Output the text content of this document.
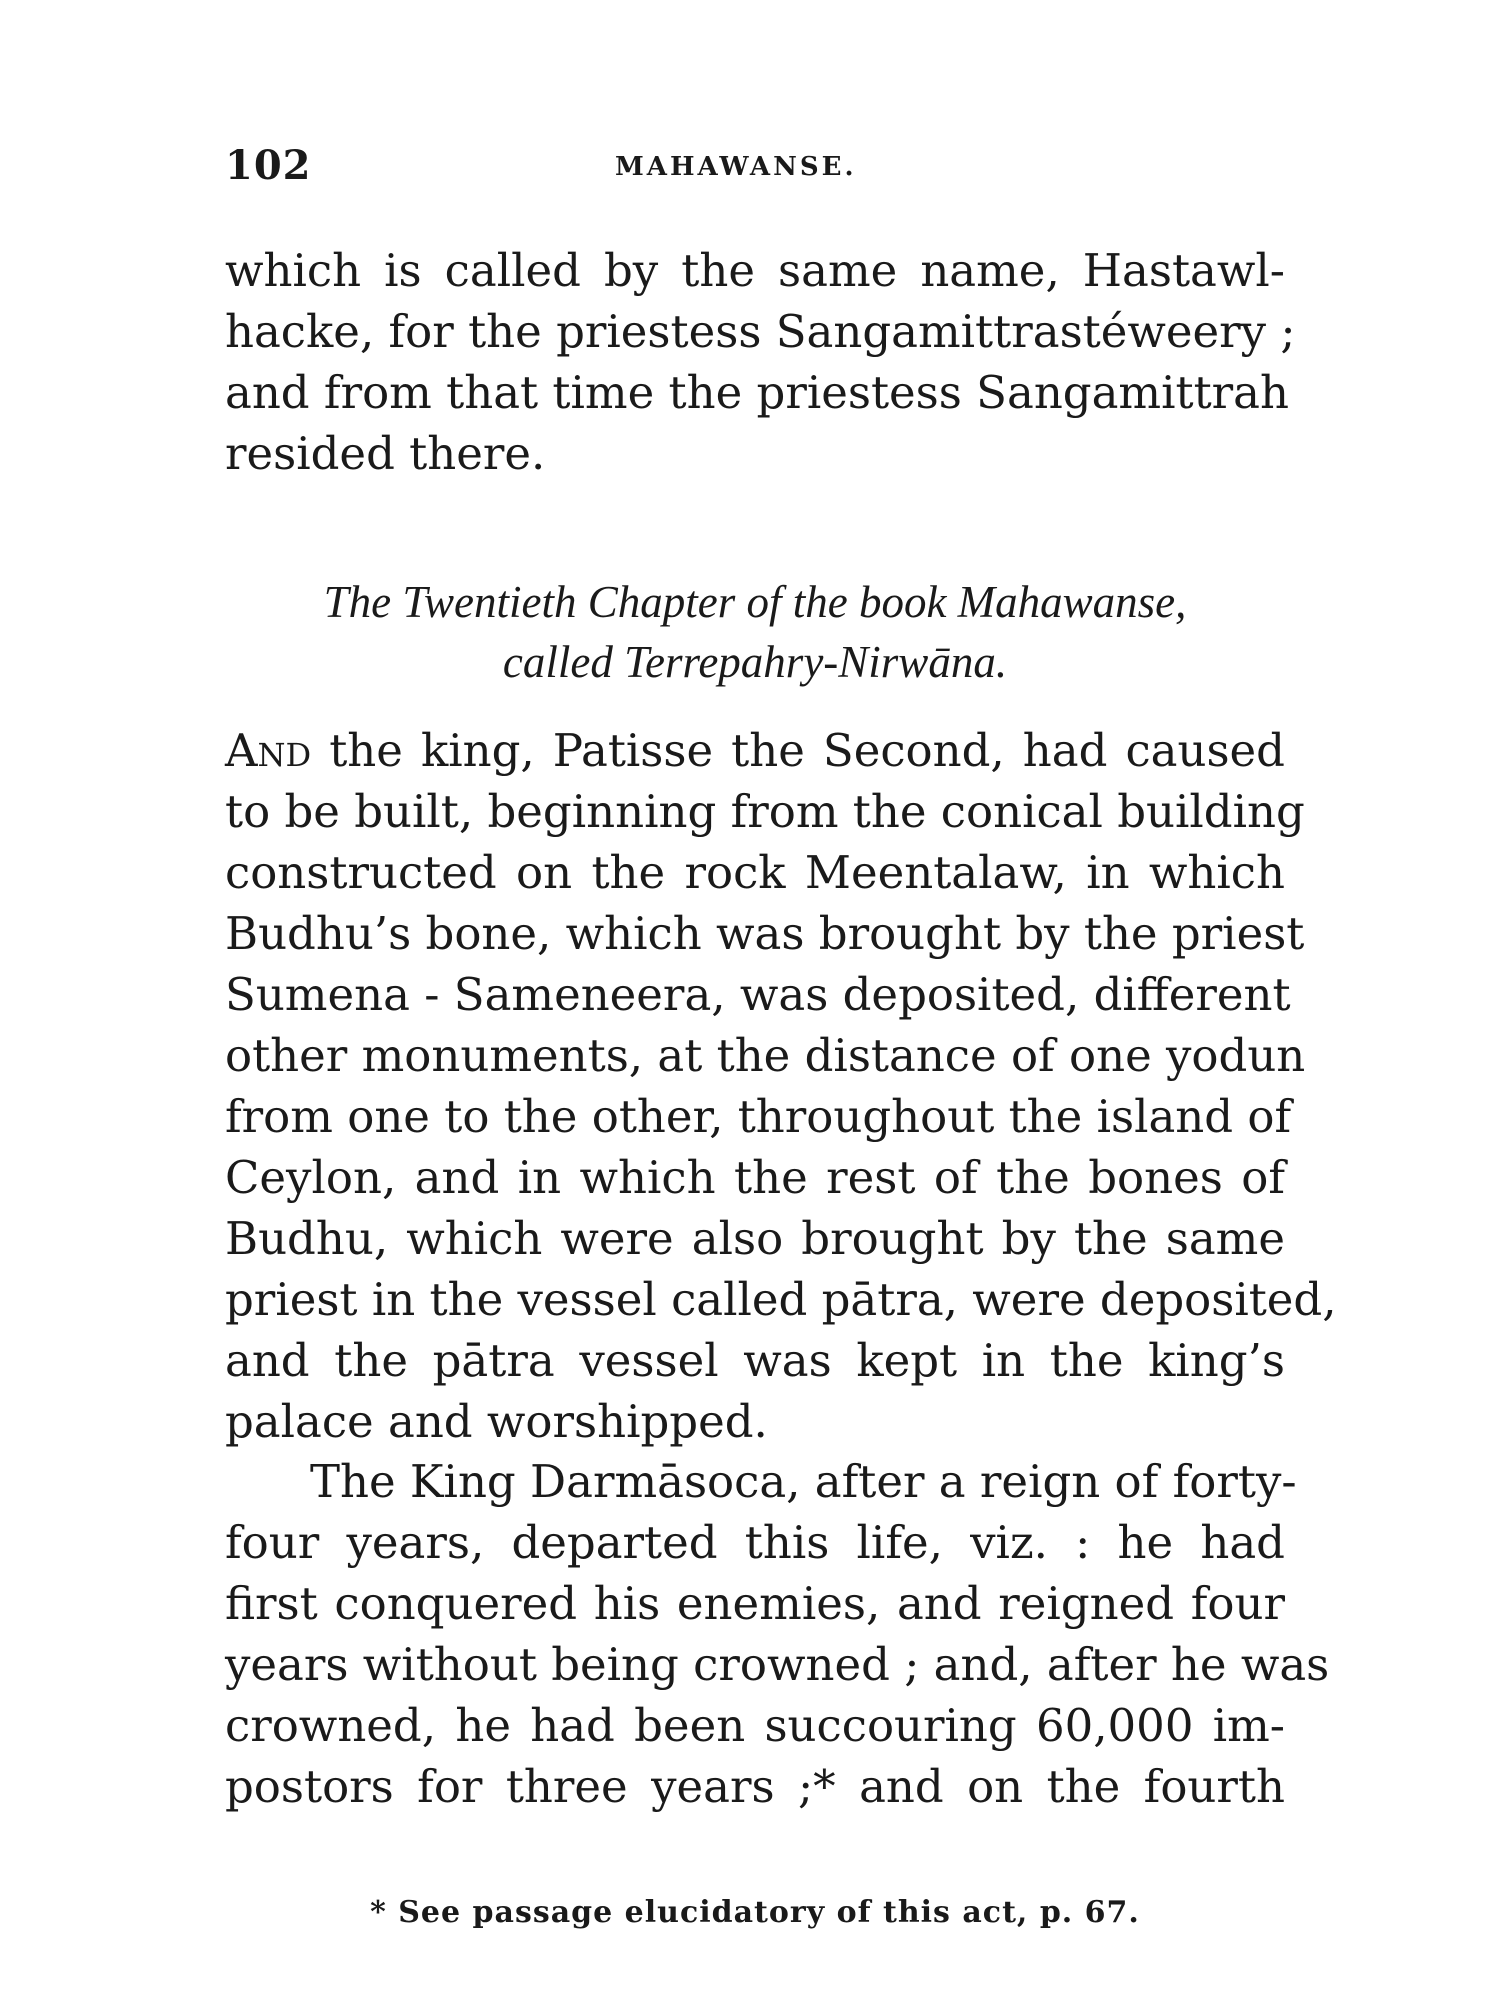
102	MAHAWANSE.
which is called by the same name, Hastawl-
hacke, for the priestess Sangamittrastéweery ;
and from that time the priestess Sangamittrah
resided there.
The Twentieth Chapter of the book Mahawanse,
called Terrepahry-Nirwāna.
And the king, Patisse the Second, had caused
to be built, beginning from the conical building
constructed on the rock Meentalaw, in which
Budhu’s bone, which was brought by the priest
Sumena - Sameneera, was deposited, different
other monuments, at the distance of one yodun
from one to the other, throughout the island of
Ceylon, and in which the rest of the bones of
Budhu, which were also brought by the same
priest in the vessel called pātra, were deposited,
and the pātra vessel was kept in the king’s
palace and worshipped.
The King Darmāsoca, after a reign of forty-
four years, departed this life, viz. : he had
first conquered his enemies, and reigned four
years without being crowned ; and, after he was
crowned, he had been succouring 60,000 im-
postors for three years ;* and on the fourth
* See passage elucidatory of this act, p. 67.
